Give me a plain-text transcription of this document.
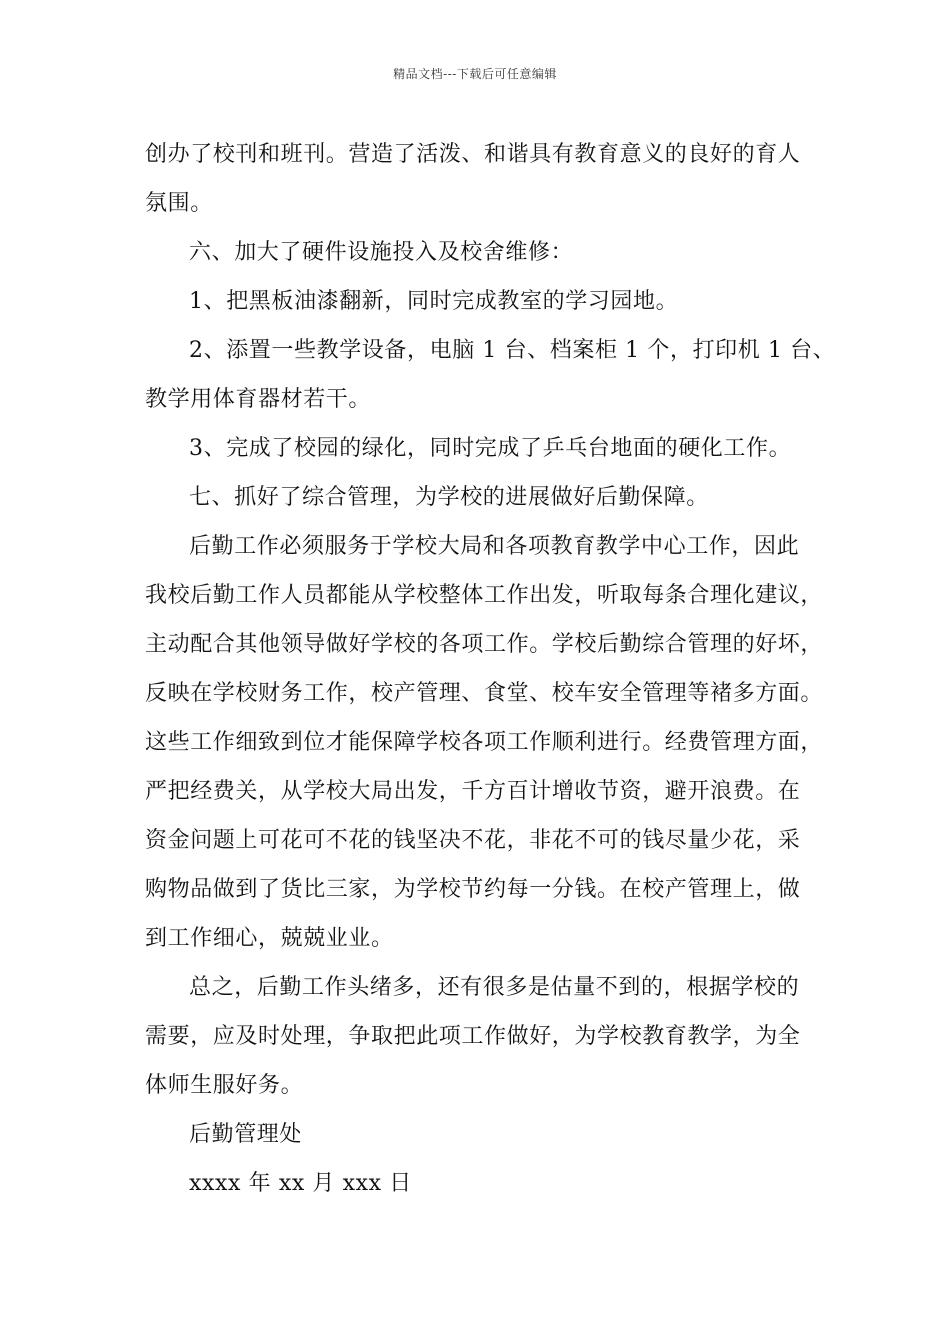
精品文档---下载后可任意编辑
创办了校刊和班刊。营造了活泼、和谐具有教育意义的良好的育人
氛围。
六、加大了硬件设施投入及校舍维修：
1、把黑板油漆翻新，同时完成教室的学习园地。
2、添置一些教学设备，电脑 1 台、档案柜 1 个，打印机 1 台、
教学用体育器材若干。
3、完成了校园的绿化，同时完成了乒乓台地面的硬化工作。
七、抓好了综合管理，为学校的进展做好后勤保障。
后勤工作必须服务于学校大局和各项教育教学中心工作，因此
我校后勤工作人员都能从学校整体工作出发，听取每条合理化建议，
主动配合其他领导做好学校的各项工作。学校后勤综合管理的好坏，
反映在学校财务工作，校产管理、食堂、校车安全管理等褚多方面。
这些工作细致到位才能保障学校各项工作顺利进行。经费管理方面，
严把经费关，从学校大局出发，千方百计增收节资，避开浪费。在
资金问题上可花可不花的钱坚决不花，非花不可的钱尽量少花，采
购物品做到了货比三家，为学校节约每一分钱。在校产管理上，做
到工作细心，兢兢业业。
总之，后勤工作头绪多，还有很多是估量不到的，根据学校的
需要，应及时处理，争取把此项工作做好，为学校教育教学，为全
体师生服好务。
后勤管理处
xxxx 年 xx 月 xxx 日
